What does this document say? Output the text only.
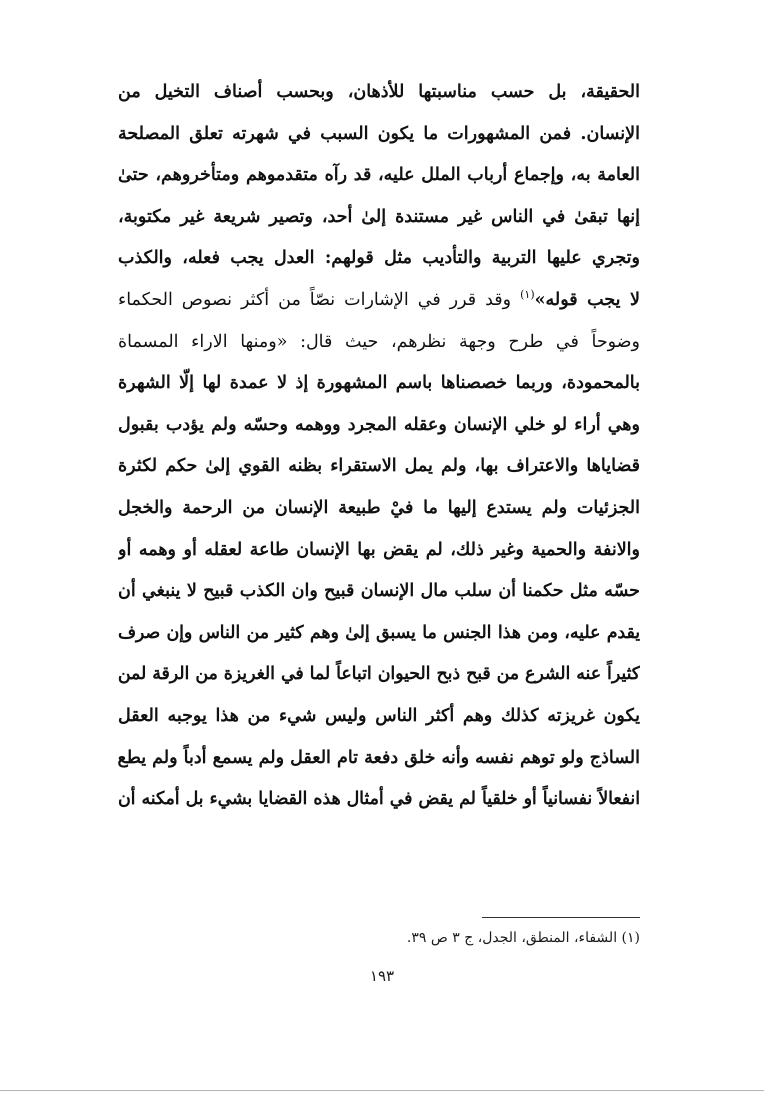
الحقيقة، بل حسب مناسبتها للأذهان، وبحسب أصناف التخيل من
الإنسان. فمن المشهورات ما يكون السبب في شهرته تعلق المصلحة
العامة به، وإجماع أرباب الملل عليه، قد رآه متقدموهم ومتأخروهم، حتىٰ
إنها تبقىٰ في الناس غير مستندة إلىٰ أحد، وتصير شريعة غير مكتوبة،
وتجري عليها التربية والتأديب مثل قولهم: العدل يجب فعله، والكذب
لا يجب قوله»$^{(١)}$ وقد قرر في الإشارات نصّاً من أكثر نصوص الحكماء
وضوحاً في طرح وجهة نظرهم، حيث قال: «ومنها الاراء المسماة
بالمحمودة، وربما خصصناها باسم المشهورة إذ لا عمدة لها إلّا الشهرة
وهي أراء لو خلي الإنسان وعقله المجرد ووهمه وحسّه ولم يؤدب بقبول
قضاياها والاعتراف بها، ولم يمل الاستقراء بظنه القوي إلىٰ حكم لكثرة
الجزئيات ولم يستدع إليها ما فيْ طبيعة الإنسان من الرحمة والخجل
والانفة والحمية وغير ذلك، لم يقض بها الإنسان طاعة لعقله أو وهمه أو
حسّه مثل حكمنا أن سلب مال الإنسان قبيح وان الكذب قبيح لا ينبغي أن
يقدم عليه، ومن هذا الجنس ما يسبق إلىٰ وهم كثير من الناس وإن صرف
كثيراً عنه الشرع من قبح ذبح الحيوان اتباعاً لما في الغريزة من الرقة لمن
يكون غريزته كذلك وهم أكثر الناس وليس شيء من هذا يوجبه العقل
الساذج ولو توهم نفسه وأنه خلق دفعة تام العقل ولم يسمع أدباً ولم يطع
انفعالاً نفسانياً أو خلقياً لم يقض في أمثال هذه القضايا بشيء بل أمكنه أن
(١) الشفاء، المنطق، الجدل، ج ٣ ص ٣٩.
١٩٣
